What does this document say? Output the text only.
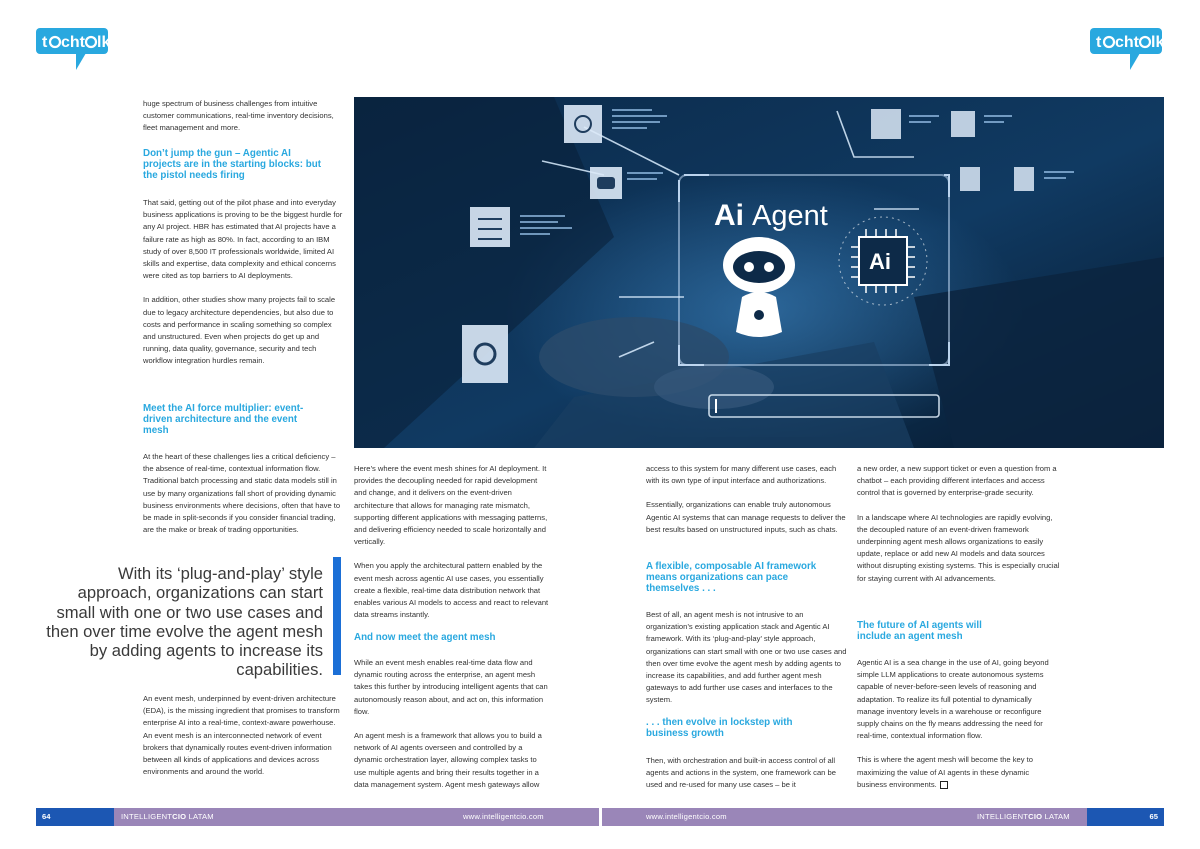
t cht lk	t cht lk

huge spectrum of business challenges from intuitive customer communications, real-time inventory decisions, fleet management and more.

Don’t jump the gun – Agentic AI projects are in the starting blocks: but the pistol needs firing

That said, getting out of the pilot phase and into everyday business applications is proving to be the biggest hurdle for any AI project. HBR has estimated that AI projects have a failure rate as high as 80%. In fact, according to an IBM study of over 8,500 IT professionals worldwide, limited AI skills and expertise, data complexity and ethical concerns were cited as top barriers to AI deployments.

In addition, other studies show many projects fail to scale due to legacy architecture dependencies, but also due to costs and performance in scaling something so complex and unstructured. Even when projects do get up and running, data quality, governance, security and tech workflow integration hurdles remain.

Meet the AI force multiplier: event-driven architecture and the event mesh

At the heart of these challenges lies a critical deficiency – the absence of real-time, contextual information flow. Traditional batch processing and static data models still in use by many organizations fall short of providing dynamic business environments where decisions, often that have to be made in split-seconds if you consider financial trading, are the make or break of trading opportunities.

With its ‘plug-and-play’ style approach, organizations can start small with one or two use cases and then over time evolve the agent mesh by adding agents to increase its capabilities.

An event mesh, underpinned by event-driven architecture (EDA), is the missing ingredient that promises to transform enterprise AI into a real-time, context-aware powerhouse. An event mesh is an interconnected network of event brokers that dynamically routes event-driven information between all kinds of applications and devices across environments and around the world.

Ai
Ai Agent

Here’s where the event mesh shines for AI deployment. It provides the decoupling needed for rapid development and change, and it delivers on the event-driven architecture that allows for managing rate mismatch, supporting different applications with messaging patterns, and delivering efficiency needed to scale horizontally and vertically.

When you apply the architectural pattern enabled by the event mesh across agentic AI use cases, you essentially create a flexible, real-time data distribution network that enables various AI models to access and react to relevant data streams instantly.

And now meet the agent mesh

While an event mesh enables real-time data flow and dynamic routing across the enterprise, an agent mesh takes this further by introducing intelligent agents that can autonomously reason about, and act on, this information flow.

An agent mesh is a framework that allows you to build a network of AI agents overseen and controlled by a dynamic orchestration layer, allowing complex tasks to use multiple agents and bring their results together in a data management system. Agent mesh gateways allow

access to this system for many different use cases, each with its own type of input interface and authorizations.

Essentially, organizations can enable truly autonomous Agentic AI systems that can manage requests to deliver the best results based on unstructured inputs, such as chats.

A flexible, composable AI framework means organizations can pace themselves . . .

Best of all, an agent mesh is not intrusive to an organization’s existing application stack and Agentic AI framework. With its ‘plug-and-play’ style approach, organizations can start small with one or two use cases and then over time evolve the agent mesh by adding agents to increase its capabilities, and add further agent mesh gateways to add further use cases and interfaces to the system.

. . . then evolve in lockstep with business growth

Then, with orchestration and built-in access control of all agents and actions in the system, one framework can be used and re-used for many use cases – be it

a new order, a new support ticket or even a question from a chatbot – each providing different interfaces and access control that is governed by enterprise-grade security.

In a landscape where AI technologies are rapidly evolving, the decoupled nature of an event-driven framework underpinning agent mesh allows organizations to easily update, replace or add new AI models and data sources without disrupting existing systems. This is especially crucial for staying current with AI advancements.

The future of AI agents will include an agent mesh

Agentic AI is a sea change in the use of AI, going beyond simple LLM applications to create autonomous systems capable of never-before-seen levels of reasoning and adaptation. To realize its full potential to dynamically manage inventory levels in a warehouse or reconfigure supply chains on the fly means addressing the need for real-time, contextual information flow.

This is where the agent mesh will become the key to maximizing the value of AI agents in these dynamic business environments.

64	INTELLIGENTCIO LATAM	www.intelligentcio.com	www.intelligentcio.com	INTELLIGENTCIO LATAM	65
